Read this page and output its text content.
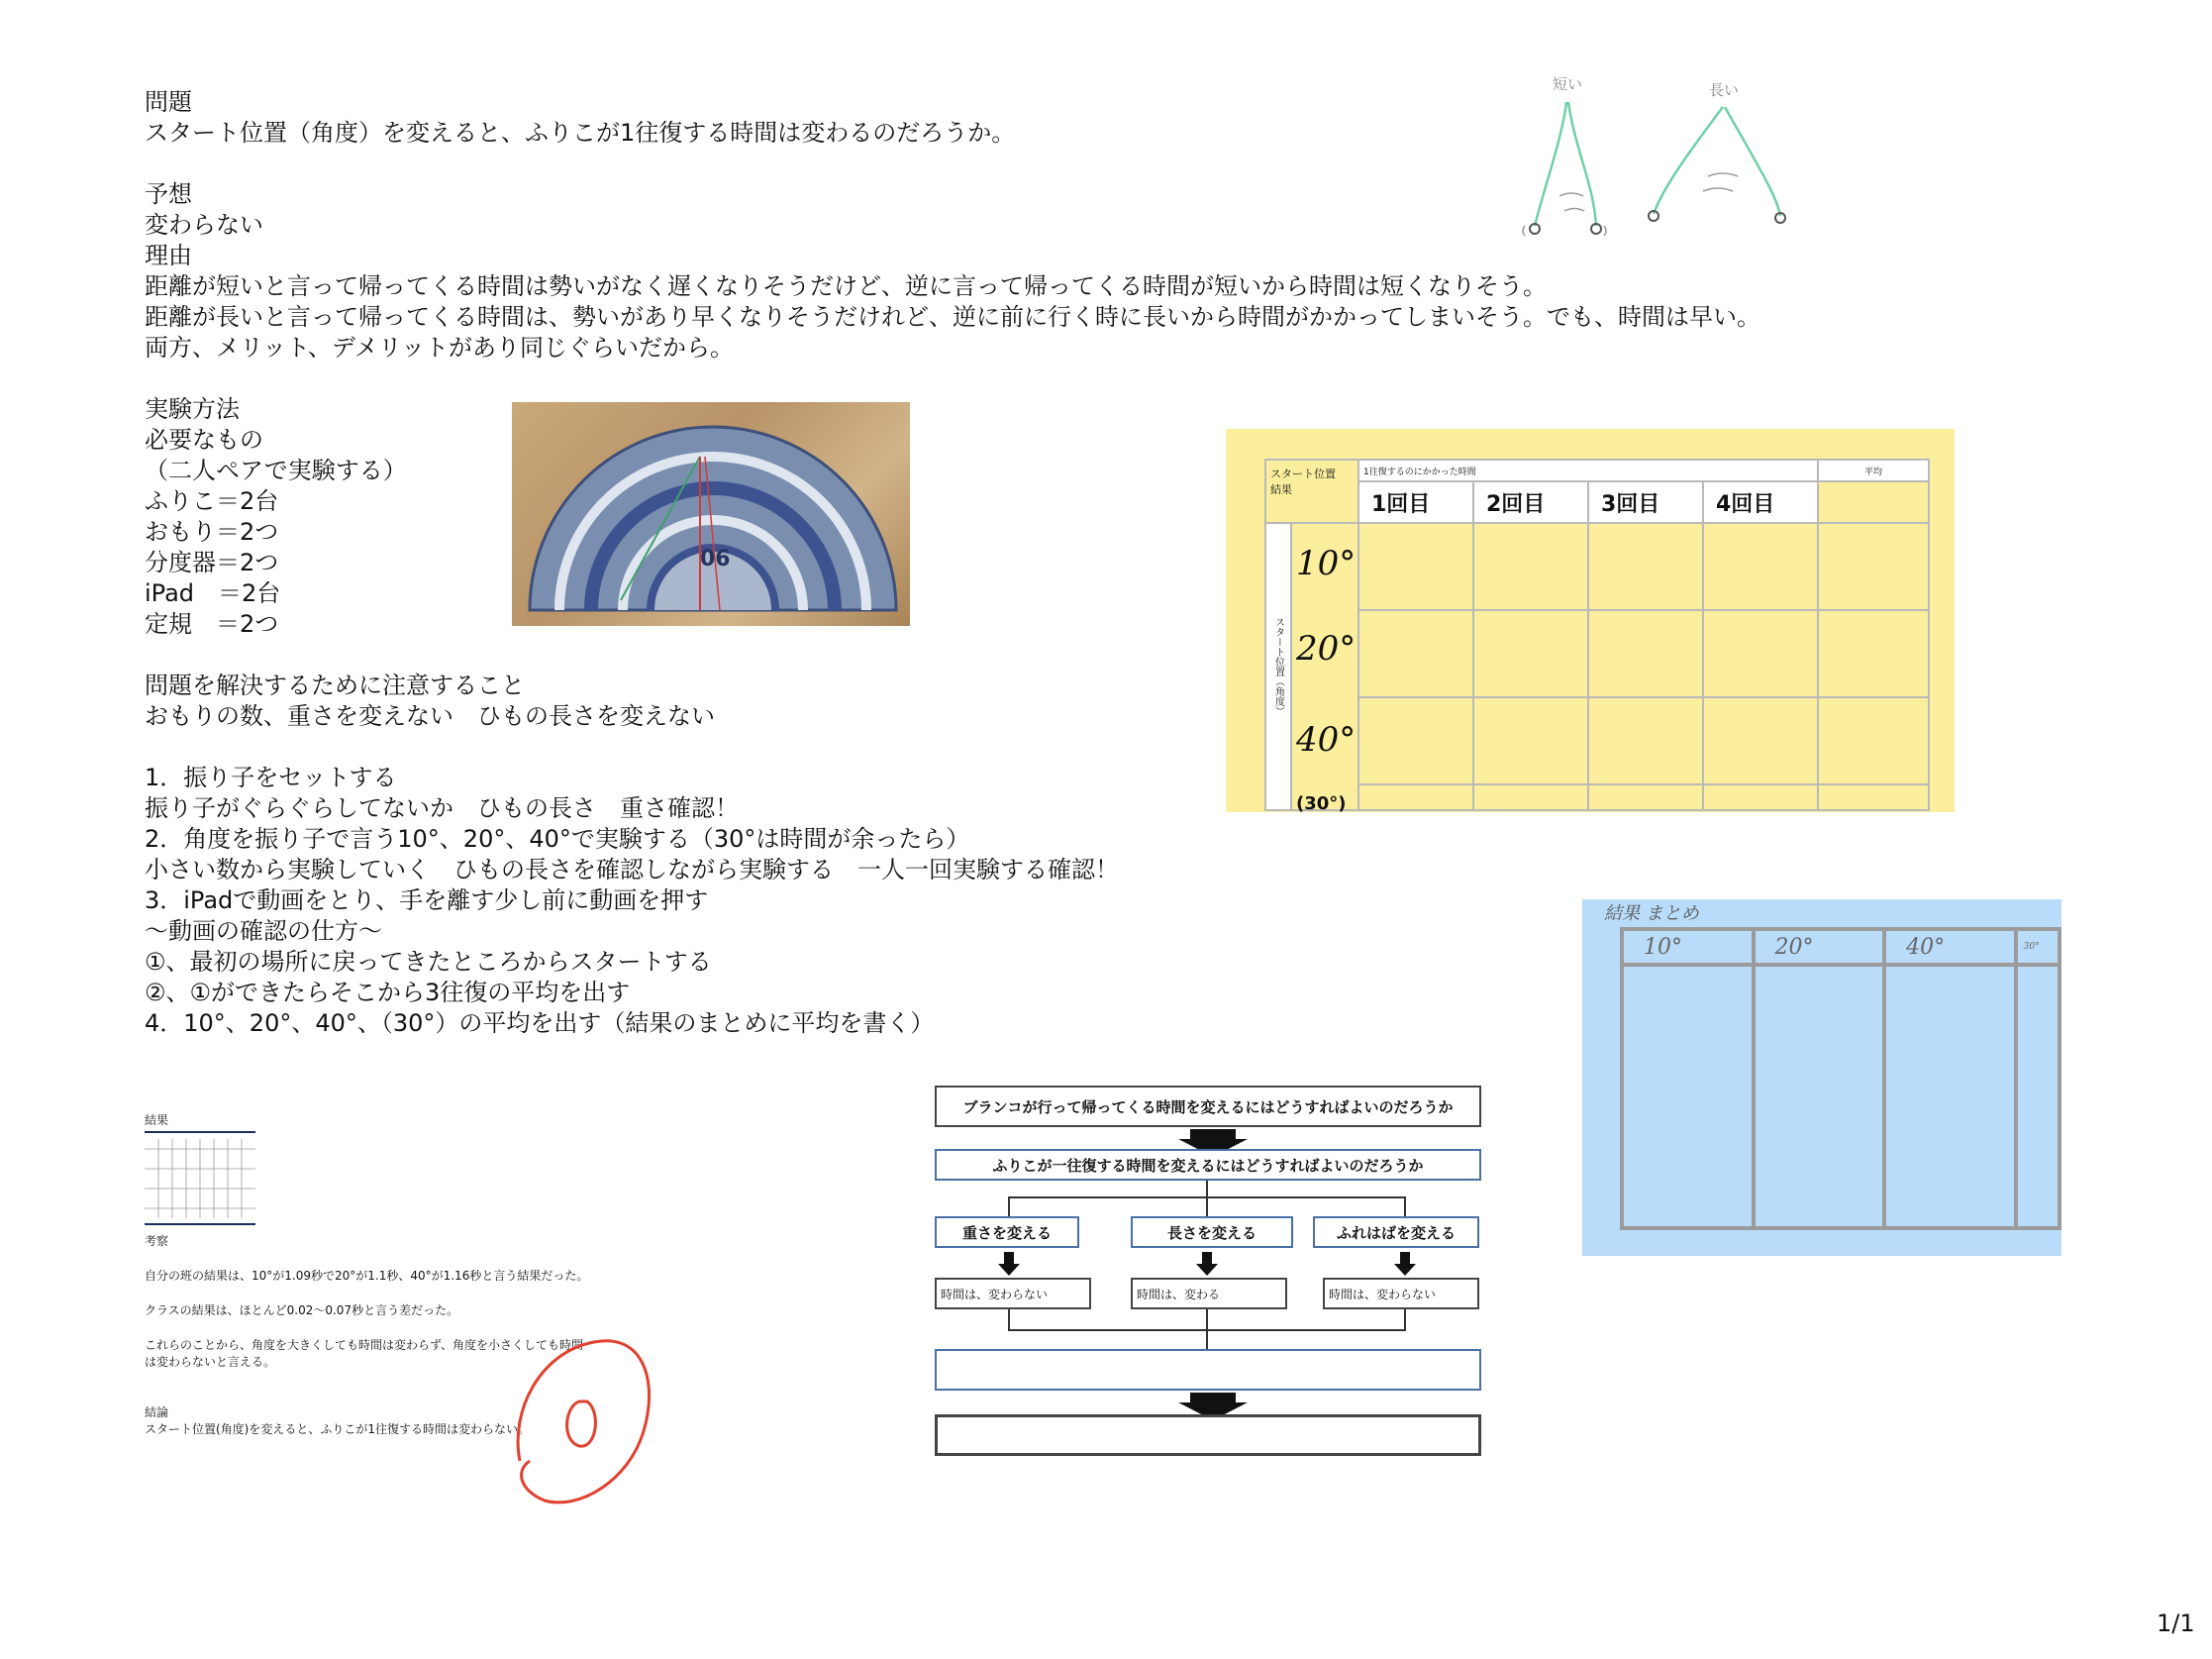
問題

スタート位置（角度）を変えると、ふりこが1往復する時間は変わるのだろうか。

予想

変わらない

理由

距離が短いと言って帰ってくる時間は勢いがなく遅くなりそうだけど、逆に言って帰ってくる時間が短いから時間は短くなりそう。

距離が長いと言って帰ってくる時間は、勢いがあり早くなりそうだけれど、逆に前に行く時に長いから時間がかかってしまいそう。でも、時間は早い。

両方、メリット、デメリットがあり同じぐらいだから。

実験方法

必要なもの

（二人ペアで実験する）

ふりこ＝2台

おもり＝2つ

分度器＝2つ

iPad　＝2台

定規　＝2つ

問題を解決するために注意すること

おもりの数、重さを変えない　ひもの長さを変えない

1．振り子をセットする

振り子がぐらぐらしてないか　ひもの長さ　重さ確認！

2．角度を振り子で言う10°、20°、40°で実験する（30°は時間が余ったら）

小さい数から実験していく　ひもの長さを確認しながら実験する　一人一回実験する確認！

3．iPadで動画をとり、手を離す少し前に動画を押す

〜動画の確認の仕方〜

①、最初の場所に戻ってきたところからスタートする

②、①ができたらそこから3往復の平均を出す

4．10°、20°、40°、（30°）の平均を出す（結果のまとめに平均を書く）

短い	長い
06
スタート位置
結果	1往復するのにかかった時間				平均
	1回目	2回目	3回目	4回目	

スタート位置（角度）
10°
20°
40°
(30°)					

結果 まとめ
10°	20°	40°	30°

結果
考察
自分の班の結果は、10°が1.09秒で20°が1.1秒、40°が1.16秒と言う結果だった。
クラスの結果は、ほとんど0.02〜0.07秒と言う差だった。
これらのことから、角度を大きくしても時間は変わらず、角度を小さくしても時間は変わらないと言える。
結論
スタート位置(角度)を変えると、ふりこが1往復する時間は変わらない。
ブランコが行って帰ってくる時間を変えるにはどうすればよいのだろうか
ふりこが一往復する時間を変えるにはどうすればよいのだろうか
重さを変える	長さを変える	ふれはばを変える
時間は、変わらない	時間は、変わる	時間は、変わらない
1/1
